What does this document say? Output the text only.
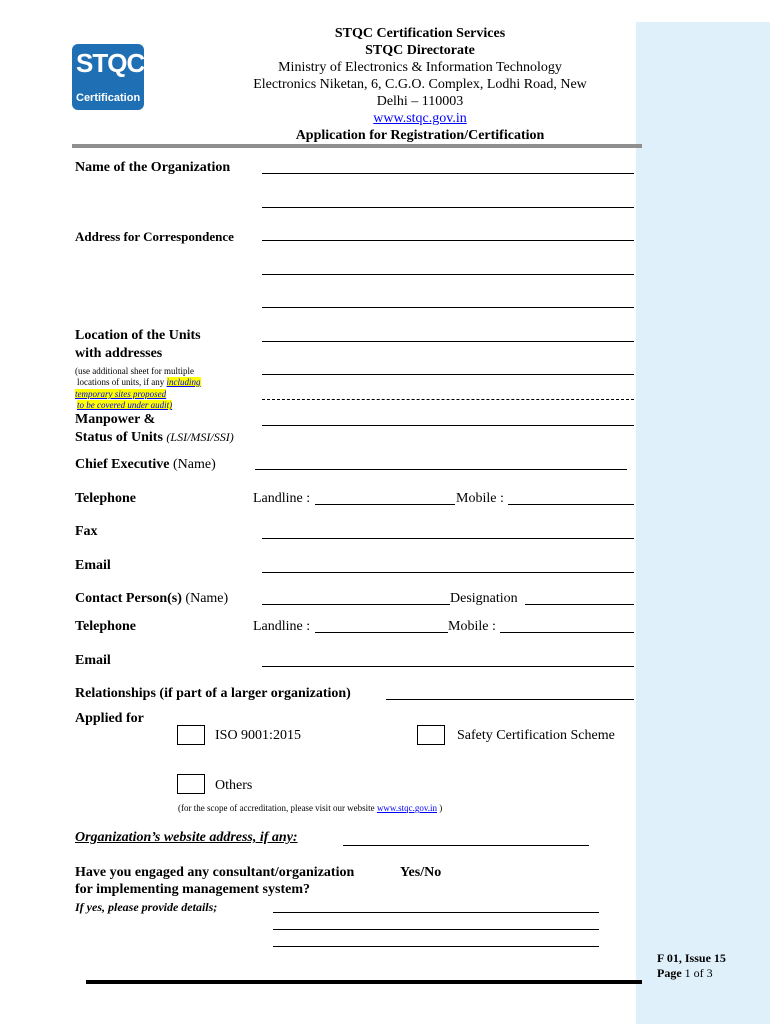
STQC
Certification
STQC Certification Services
STQC Directorate
Ministry of Electronics & Information Technology
Electronics Niketan, 6, C.G.O. Complex, Lodhi Road, New
Delhi – 110003
www.stqc.gov.in
Application for Registration/Certification
Name of the Organization
Address for Correspondence
Location of the Units
with addresses
(use additional sheet for multiple
locations of units, if any including
temporary sites proposed
to be covered under audit)
Manpower &
Status of Units (LSI/MSI/SSI)
Chief Executive (Name)
Telephone	Landline :	Mobile :
Fax
Email
Contact Person(s) (Name)	Designation
Telephone	Landline :	Mobile :
Email
Relationships (if part of a larger organization)
Applied for
ISO 9001:2015	Safety Certification Scheme
Others
(for the scope of accreditation, please visit our website www.stqc.gov.in )
Organization’s website address, if any:
Have you engaged any consultant/organization	Yes/No
for implementing management system?
If yes, please provide details;
F 01, Issue 15
Page 1 of 3
